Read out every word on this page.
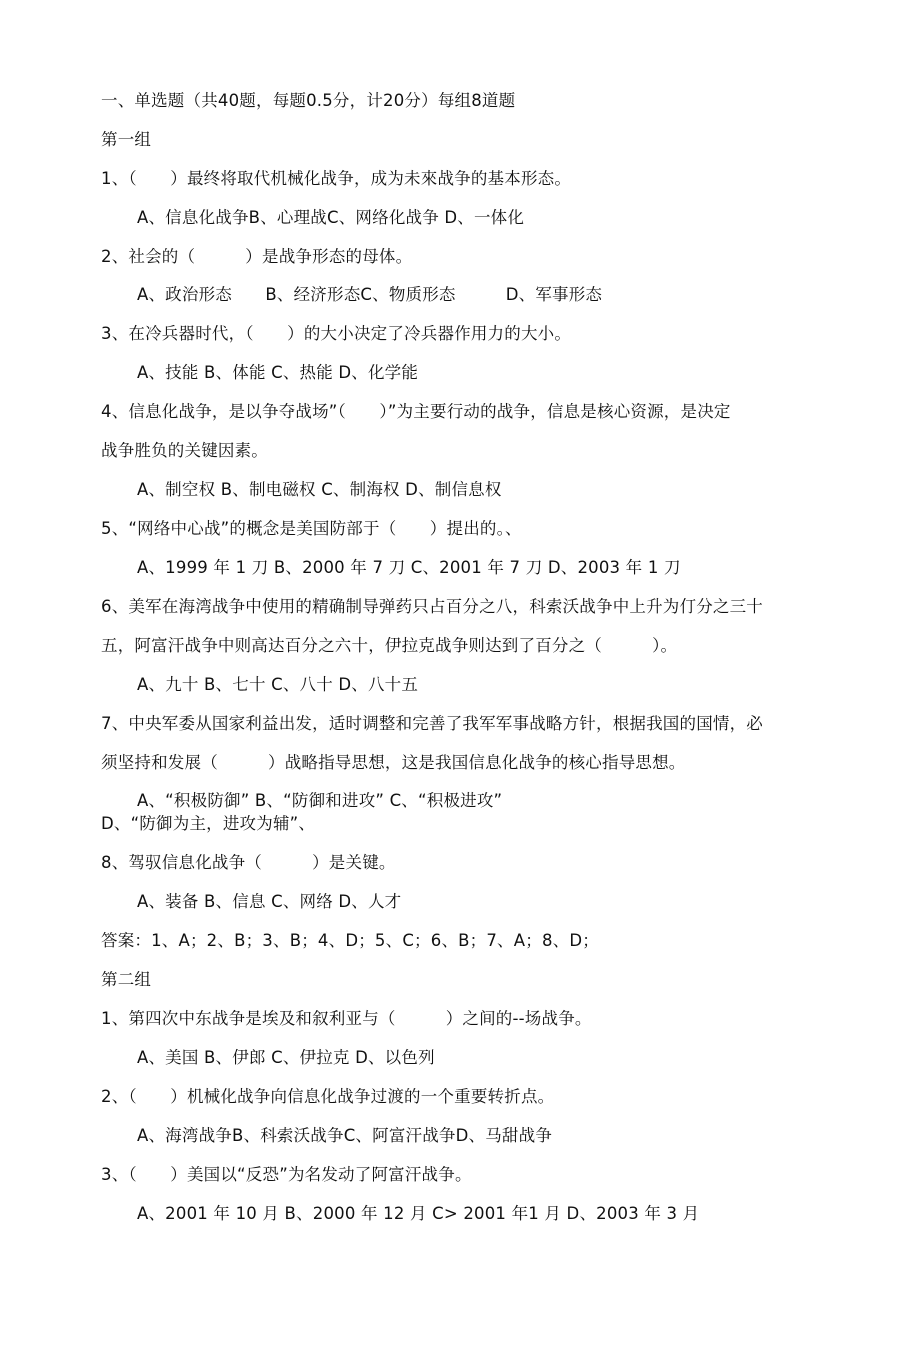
一、单选题（共40题，每题0.5分，计20分）每组8道题
第一组
1、（　　）最终将取代机械化战争，成为未來战争的基本形态。
A、信息化战争B、心理战C、网络化战争 D、一体化
2、社会的（　　　）是战争形态的母体。
A、政治形态　　B、经济形态C、物质形态　　　D、军事形态
3、在冷兵器时代，（　　）的大小决定了冷兵器作用力的大小。
A、技能 B、体能 C、热能 D、化学能
4、信息化战争，是以争夺战场”（　　）”为主要行动的战争，信息是核心资源，是决定
战争胜负的关键因素。
A、制空权 B、制电磁权 C、制海权 D、制信息权
5、“网络中心战”的概念是美国防部于（　　）提出的。、
A、1999 年 1 刀 B、2000 年 7 刀 C、2001 年 7 刀 D、2003 年 1 刀
6、美军在海湾战争中使用的精确制导弹药只占百分之八，科索沃战争中上升为仃分之三十
五，阿富汗战争中则高达百分之六十，伊拉克战争则达到了百分之（　　　）。
A、九十 B、七十 C、八十 D、八十五
7、中央军委从国家利益出发，适时调整和完善了我军军事战略方针，根据我国的国情，必
须坚持和发展（　　　）战略指导思想，这是我国信息化战争的核心指导思想。
A、“积极防御” B、“防御和进攻” C、“积极进攻”
D、“防御为主，进攻为辅”、
8、驾驭信息化战争（　　　）是关键。
A、装备 B、信息 C、网络 D、人才
答案：1、A；2、B；3、B；4、D；5、C；6、B；7、A；8、D；
第二组
1、第四次中东战争是埃及和叙利亚与（　　　）之间的--场战争。
A、美国 B、伊郎 C、伊拉克 D、以色列
2、（　　）机械化战争向信息化战争过渡的一个重要转折点。
A、海湾战争B、科索沃战争C、阿富汗战争D、马甜战争
3、（　　）美国以“反恐”为名发动了阿富汗战争。
A、2001 年 10 月 B、2000 年 12 月 C> 2001 年1 月 D、2003 年 3 月
